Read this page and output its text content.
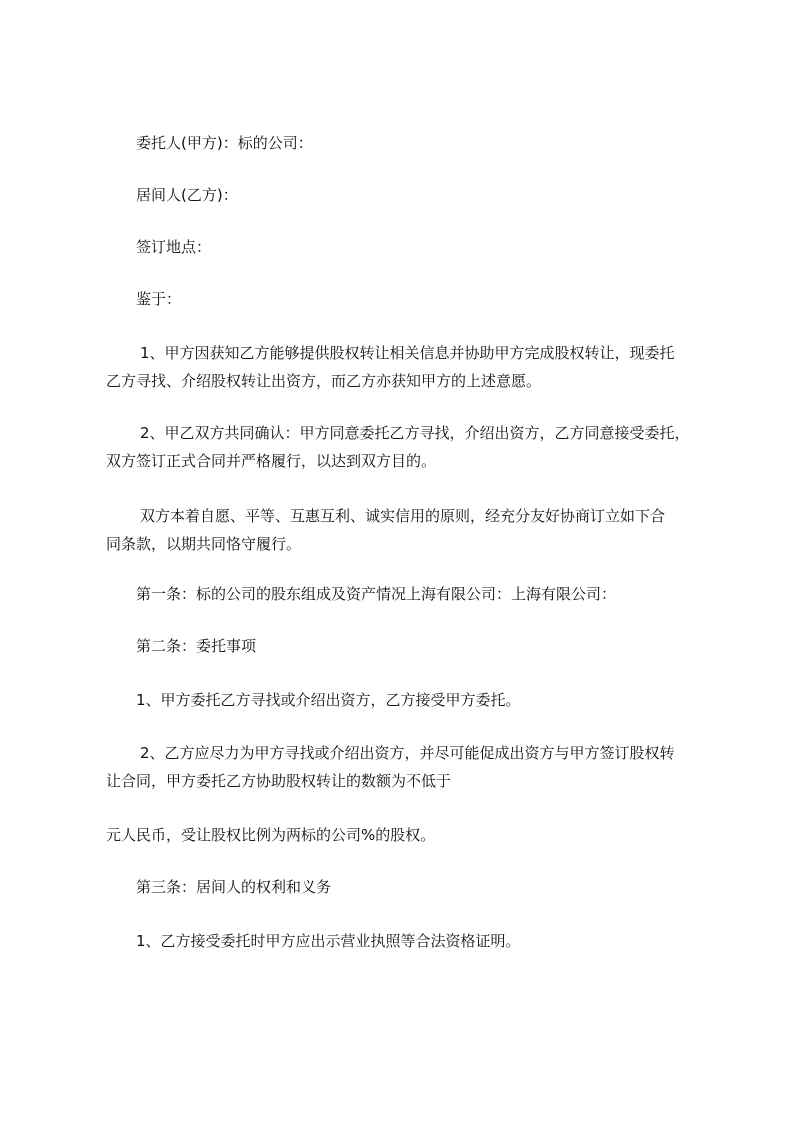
委托人(甲方)：标的公司：

居间人(乙方)：

签订地点：

鉴于：

1、甲方因获知乙方能够提供股权转让相关信息并协助甲方完成股权转让，现委托
乙方寻找、介绍股权转让出资方，而乙方亦获知甲方的上述意愿。

2、甲乙双方共同确认：甲方同意委托乙方寻找，介绍出资方，乙方同意接受委托，
双方签订正式合同并严格履行，以达到双方目的。

双方本着自愿、平等、互惠互利、诚实信用的原则，经充分友好协商订立如下合
同条款，以期共同恪守履行。

第一条：标的公司的股东组成及资产情况上海有限公司：上海有限公司：

第二条：委托事项

1、甲方委托乙方寻找或介绍出资方，乙方接受甲方委托。

2、乙方应尽力为甲方寻找或介绍出资方，并尽可能促成出资方与甲方签订股权转
让合同，甲方委托乙方协助股权转让的数额为不低于

元人民币，受让股权比例为两标的公司%的股权。

第三条：居间人的权利和义务

1、乙方接受委托时甲方应出示营业执照等合法资格证明。
